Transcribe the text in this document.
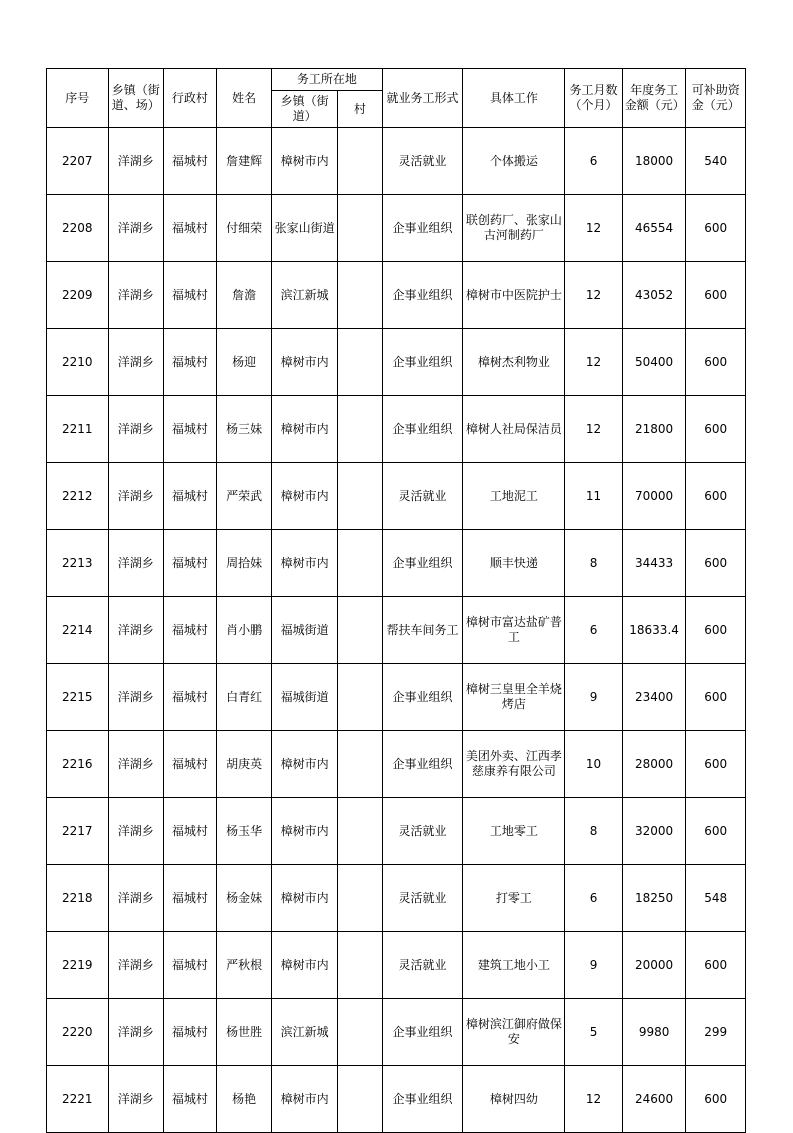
序号	乡镇（街道、场）	行政村	姓名	务工所在地		就业务工形式	具体工作	务工月数（个月）	年度务工金额（元）	可补助资金（元）
				乡镇（街道）	村					
2207	洋湖乡	福城村	詹建辉	樟树市内		灵活就业	个体搬运	6	18000	540
2208	洋湖乡	福城村	付细荣	张家山街道		企事业组织	联创药厂、张家山古河制药厂	12	46554	600
2209	洋湖乡	福城村	詹澹	滨江新城		企事业组织	樟树市中医院护士	12	43052	600
2210	洋湖乡	福城村	杨迎	樟树市内		企事业组织	樟树杰利物业	12	50400	600
2211	洋湖乡	福城村	杨三妹	樟树市内		企事业组织	樟树人社局保洁员	12	21800	600
2212	洋湖乡	福城村	严荣武	樟树市内		灵活就业	工地泥工	11	70000	600
2213	洋湖乡	福城村	周拾妹	樟树市内		企事业组织	顺丰快递	8	34433	600
2214	洋湖乡	福城村	肖小鹏	福城街道		帮扶车间务工	樟树市富达盐矿普工	6	18633.4	600
2215	洋湖乡	福城村	白青红	福城街道		企事业组织	樟树三皇里全羊烧烤店	9	23400	600
2216	洋湖乡	福城村	胡庚英	樟树市内		企事业组织	美团外卖、江西孝慈康养有限公司	10	28000	600
2217	洋湖乡	福城村	杨玉华	樟树市内		灵活就业	工地零工	8	32000	600
2218	洋湖乡	福城村	杨金妹	樟树市内		灵活就业	打零工	6	18250	548
2219	洋湖乡	福城村	严秋根	樟树市内		灵活就业	建筑工地小工	9	20000	600
2220	洋湖乡	福城村	杨世胜	滨江新城		企事业组织	樟树滨江御府做保安	5	9980	299
2221	洋湖乡	福城村	杨艳	樟树市内		企事业组织	樟树四幼	12	24600	600
